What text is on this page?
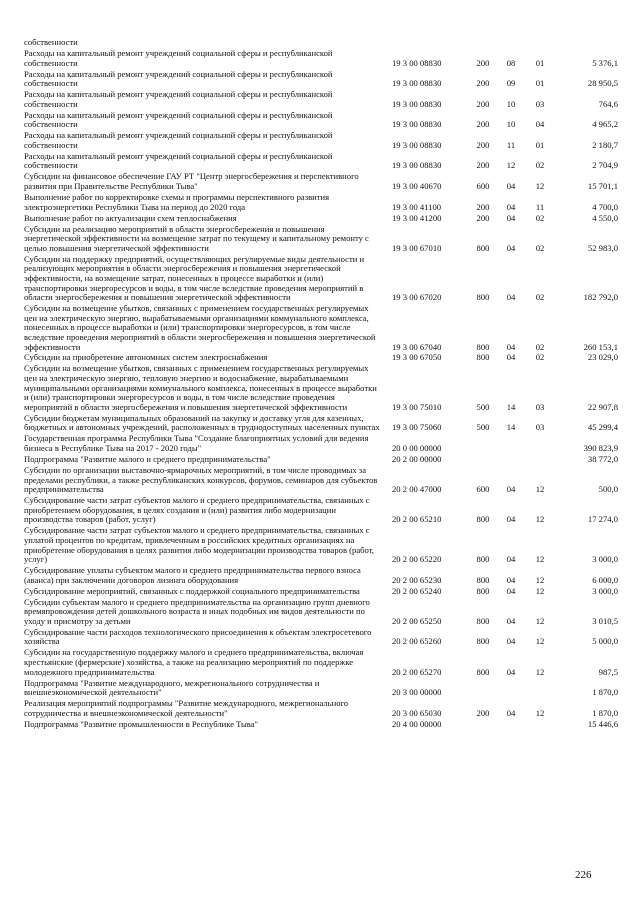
собственности
Расходы на капитальный ремонт учреждений социальной сферы и республиканской собственности	19 3 00 08830	200	08	01	5 376,1
Расходы на капитальный ремонт учреждений социальной сферы и республиканской собственности	19 3 00 08830	200	09	01	28 950,5
Расходы на капитальный ремонт учреждений социальной сферы и республиканской собственности	19 3 00 08830	200	10	03	764,6
Расходы на капитальный ремонт учреждений социальной сферы и республиканской собственности	19 3 00 08830	200	10	04	4 965,2
Расходы на капитальный ремонт учреждений социальной сферы и республиканской собственности	19 3 00 08830	200	11	01	2 180,7
Расходы на капитальный ремонт учреждений социальной сферы и республиканской собственности	19 3 00 08830	200	12	02	2 704,9
Субсидии на финансовое обеспечение ГАУ РТ "Центр энергосбережения и перспективного развития при Правительстве Республики Тыва"	19 3 00 40670	600	04	12	15 701,1
Выполнение работ по корректировке схемы и программы перспективного развития электроэнергетики Республики Тыва на период до 2020 года	19 3 00 41100	200	04	11	4 700,0
Выполнение работ по актуализации схем теплоснабжения	19 3 00 41200	200	04	02	4 550,0
Субсидии на реализацию мероприятий в области энергосбережения и повышения энергетической эффективности на возмещение затрат по текущему и капитальному ремонту с целью повышения энергетической эффективности	19 3 00 67010	800	04	02	52 983,0
Субсидии на поддержку предприятий, осуществляющих регулируемые виды деятельности и реализующих мероприятия в области энергосбережения и повышения энергетической эффективности, на возмещение затрат, понесенных в процессе выработки и (или) транспортировки энергоресурсов и воды, в том числе вследствие проведения мероприятий в области энергосбережения и повышения энергетической эффективности	19 3 00 67020	800	04	02	182 792,0
Субсидии на возмещение убытков, связанных с применением государственных регулируемых цен на электрическую энергию, вырабатываемыми организациями коммунального комплекса, понесенных в процессе выработки и (или) транспортировки энергоресурсов, в том числе вследствие проведения мероприятий в области энергосбережения и повышения энергетической эффективности	19 3 00 67040	800	04	02	260 153,1
Субсидии на приобретение автономных систем электроснабжения	19 3 00 67050	800	04	02	23 029,0
Субсидии на возмещение убытков, связанных с применением государственных регулируемых цен на электрическую энергию, тепловую энергию и водоснабжение, вырабатываемыми муниципальными организациями коммунального комплекса, понесенных в процессе выработки и (или) транспортировки энергоресурсов и воды, в том числе вследствие проведения мероприятий в области энергосбережения и повышения энергетической эффективности	19 3 00 75010	500	14	03	22 907,8
Субсидии бюджетам муниципальных образований на закупку и доставку угля для казенных, бюджетных и автономных учреждений, расположенных в труднодоступных населенных пунктах	19 3 00 75060	500	14	03	45 299,4
Государственная программа Республики Тыва "Создание благоприятных условий для ведения бизнеса в Республике Тыва на 2017 - 2020 годы"	20 0 00 00000	390 823,9
Подпрограмма "Развитие малого и среднего предпринимательства"	20 2 00 00000	38 772,0
Субсидии по организации выставочно-ярмарочных мероприятий, в том числе проводимых за пределами республики, а также республиканских конкурсов, форумов, семинаров для субъектов предпринимательства	20 2 00 47000	600	04	12	500,0
Субсидирование части затрат субъектов малого и среднего предпринимательства, связанных с приобретением оборудования, в целях создания и (или) развития либо модернизации производства товаров (работ, услуг)	20 2 00 65210	800	04	12	17 274,0
Субсидирование части затрат субъектов малого и среднего предпринимательства, связанных с уплатой процентов по кредитам, привлеченным в российских кредитных организациях на приобретение оборудования в целях развития либо модернизации производства товаров (работ, услуг)	20 2 00 65220	800	04	12	3 000,0
Субсидирование уплаты субъектом малого и среднего предпринимательства первого взноса (аванса) при заключении договоров лизинга оборудования	20 2 00 65230	800	04	12	6 000,0
Субсидирование мероприятий, связанных с поддержкой социального предпринимательства	20 2 00 65240	800	04	12	3 000,0
Субсидии субъектам малого и среднего предпринимательства на организацию групп дневного времяпровождения детей дошкольного возраста и иных подобных им видов деятельности по уходу и присмотру за детьми	20 2 00 65250	800	04	12	3 010,5
Субсидирование части расходов технологического присоединения к объектам электросетевого хозяйства	20 2 00 65260	800	04	12	5 000,0
Субсидии на государственную поддержку малого и среднего предпринимательства, включая крестьянские (фермерские) хозяйства, а также на реализацию мероприятий по поддержке молодежного предпринимательства	20 2 00 65270	800	04	12	987,5
Подпрограмма "Развитие международного, межрегионального сотрудничества и внешнеэкономической деятельности"	20 3 00 00000	1 870,0
Реализация мероприятий подпрограммы "Развитие международного, межрегионального сотрудничества и внешнеэкономической деятельности"	20 3 00 65030	200	04	12	1 870,0
Подпрограмма "Развитие промышленности в Республике Тыва"	20 4 00 00000	15 446,6
226
